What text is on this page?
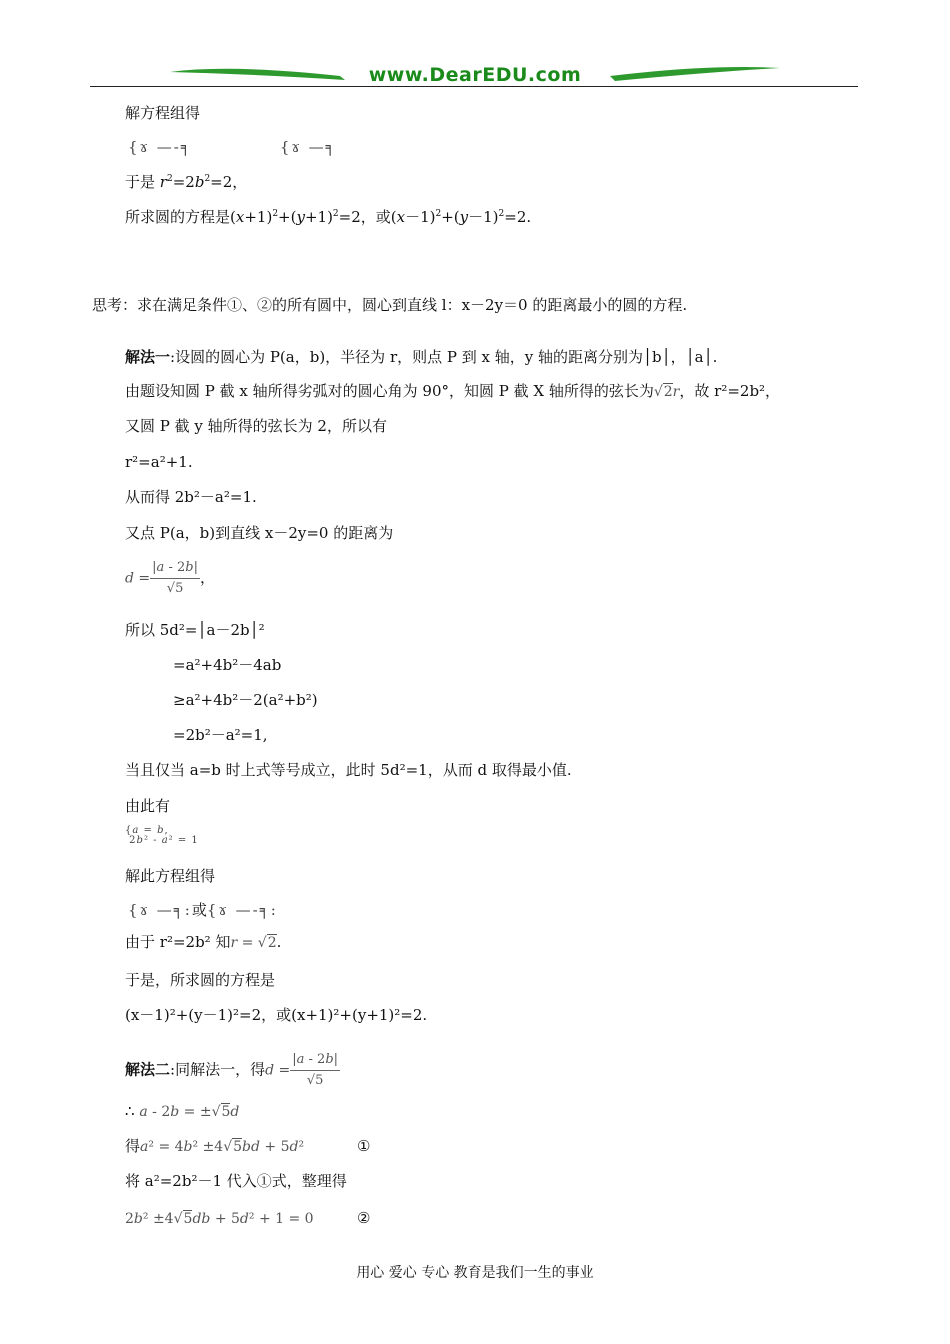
www.DearEDU.com
解方程组得
{ɤ —-╕             {ɤ —╕
于是 $r^2=2b^2=2$，
所求圆的方程是$(x+1)^2+(y+1)^2=2$，或$(x-1)^2+(y-1)^2=2$.
思考：求在满足条件①、②的所有圆中，圆心到直线 l：x－2y＝0 的距离最小的圆的方程.
解法一:设圆的圆心为 P(a，b)，半径为 r，则点 P 到 x 轴，y 轴的距离分别为│b│，│a│.
由题设知圆 P 截 x 轴所得劣弧对的圆心角为 90°，知圆 P 截 X 轴所得的弦长为√2r，故 r²=2b²，
又圆 P 截 y 轴所得的弦长为 2，所以有
r²=a²+1.
从而得 2b²－a²=1.
又点 P(a，b)到直线 x－2y=0 的距离为
$d = \frac{|a - 2b|}{√5}$ ，
所以 5d²=│a－2b│²
=a²+4b²－4ab
≥a²+4b²－2(a²+b²)
=2b²－a²=1,
当且仅当 a=b 时上式等号成立，此时 5d²=1，从而 d 取得最小值.
由此有
{a = b,
2b² - a² = 1
解此方程组得
{ɤ —╕:或{ɤ —-╕:
由于 r²=2b² 知r = √2.
于是，所求圆的方程是
(x－1)²+(y－1)²=2，或(x+1)²+(y+1)²=2.
解法二:同解法一，得$d = \frac{|a - 2b|}{√5}$
∴ a - 2b = ±√5d
得a² = 4b² ±4√5bd + 5d²	①
将 a²=2b²－1 代入①式，整理得
2b² ±4√5db + 5d² + 1 = 0	②
用心 爱心 专心 教育是我们一生的事业
